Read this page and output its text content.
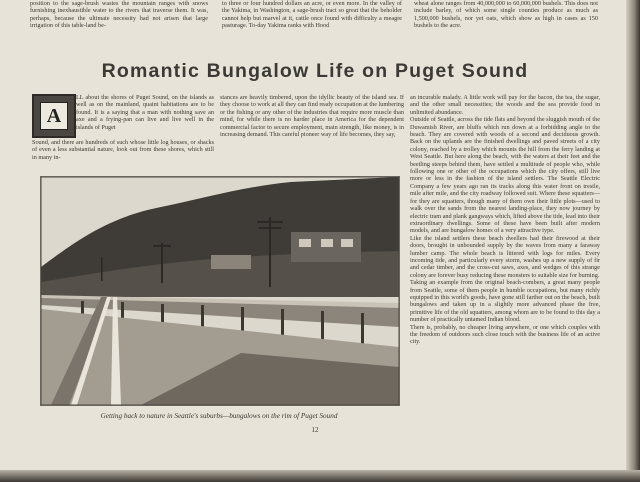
position to the sage-brush wastes the mountain ranges with snows furnishing inexhaustible water to the rivers that traverse them. It was, perhaps, because the ultimate necessity had not arisen that large irrigation of this table-land be-

to three or four hundred dollars an acre, or even more. In the valley of the Yakima, in Washington, a sage-brush tract so great that the beholder cannot help but marvel at it, cattle once found with difficulty a meagre pasturage. To-day Yakima ranks with Hood

wheat alone ranges from 40,000,000 to 60,000,000 bushels. This does not include barley, of which some single counties produce as much as 1,500,000 bushels, nor yet oats, which show as high in cases as 150 bushels to the acre.

Romantic Bungalow Life on Puget Sound
A

LL about the shores of Puget Sound, on the islands as well as on the mainland, quaint habitations are to be found. It is a saying that a man with nothing save an axe and a frying-pan can live and live well in the islands of Puget

Sound, and there are hundreds of such whose little log houses, or shacks of even a less substantial nature, look out from these shores, which still in many in-

stances are heavily timbered, upon the idyllic beauty of the island sea. If they choose to work at all they can find ready occupation at the lumbering or the fishing or any other of the industries that require more muscle than mind, for while there is no harder place in America for the dependent commercial factor to secure employment, main strength, like money, is in increasing demand. This careful pioneer way of life becomes, they say,

an incurable malady. A little work will pay for the bacon, the tea, the sugar, and the other small necessities; the woods and the sea provide food in unlimited abundance.

Outside of Seattle, across the tide flats and beyond the sluggish mouth of the Duwamish River, are bluffs which run down at a forbidding angle to the beach. They are covered with woods of a second and deciduous growth. Back on the uplands are the finished dwellings and paved streets of a city colony, reached by a trolley which mounts the hill from the ferry landing at West Seattle. But here along the beach, with the waters at their feet and the beetling steeps behind them, have settled a multitude of people who, while following one or other of the occupations which the city offers, still live more or less in the fashion of the island settlers. The Seattle Electric Company a few years ago ran its tracks along this water front on trestle, mile after mile, and the city roadway followed suit. Where these squatters—for they are squatters, though many of them own their little plots—used to walk over the sands from the nearest landing-place, they now journey by electric tram and plank gangways which, lifted above the tide, lead into their extraordinary dwellings. Some of these have been built after modern models, and are bungalow homes of a very attractive type.

Like the island settlers these beach dwellers had their firewood at their doors, brought in unbounded supply by the waves from many a faraway lumber camp. The whole beach is littered with logs for miles. Every incoming tide, and particularly every storm, washes up a new supply of fir and cedar timber, and the cross-cut saws, axes, and wedges of this strange colony are forever busy reducing these monsters to suitable size for burning.

Taking an example from the original beach-combers, a great many people from Seattle, some of them people in humble occupations, but many richly equipped in this world's goods, have gone still farther out on the beach, built bungalows and taken up in a slightly more advanced phase the free, primitive life of the old squatters, among whom are to be found to this day a number of practically untamed Indian blood.

There is, probably, no cheaper living anywhere, or one which couples with the freedom of outdoors such close touch with the business life of an active city.

Getting back to nature in Seattle's suburbs—bungalows on the rim of Puget Sound
12
